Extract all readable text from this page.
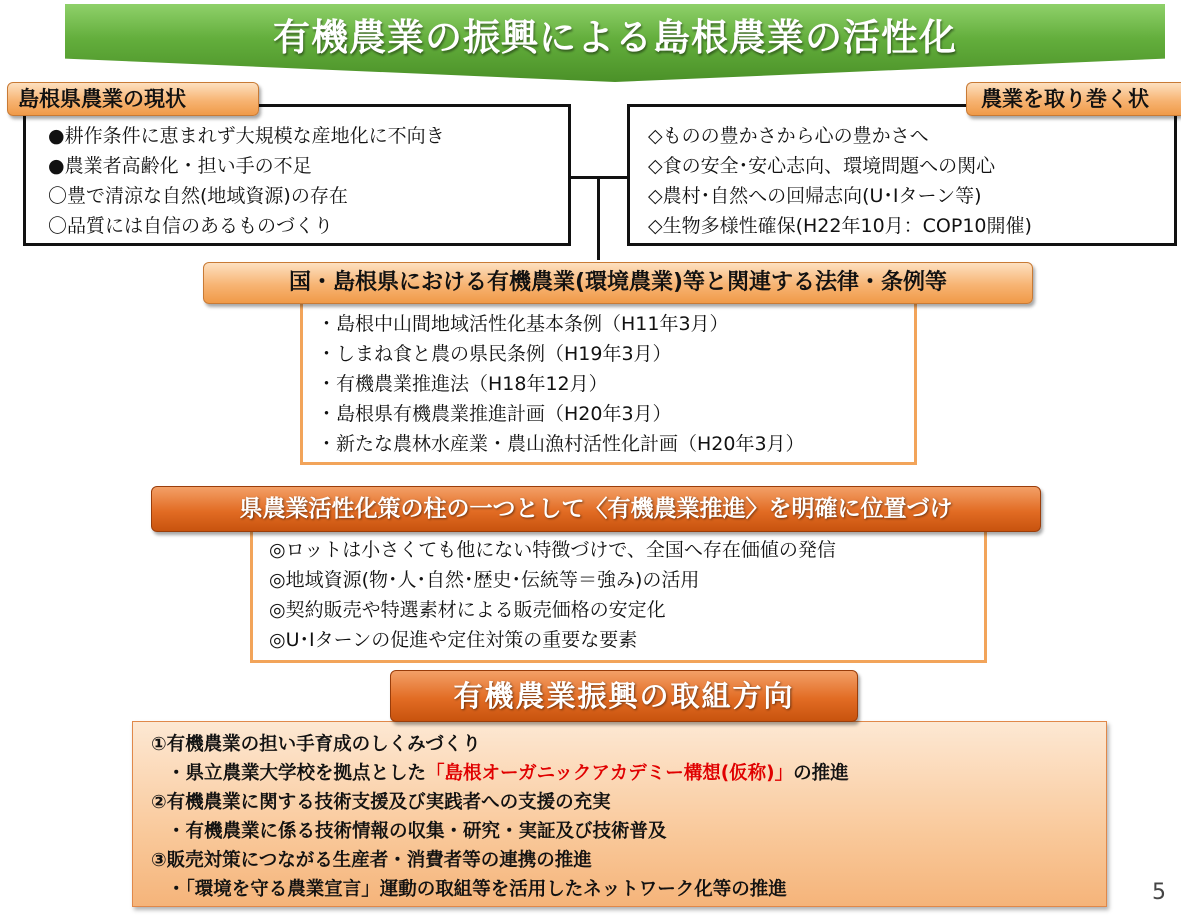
有機農業の振興による島根農業の活性化
●耕作条件に恵まれず大規模な産地化に不向き
●農業者高齢化・担い手の不足
〇豊で清涼な自然(地域資源)の存在
〇品質には自信のあるものづくり
島根県農業の現状
◇ものの豊かさから心の豊かさへ
◇食の安全･安心志向、環境問題への関心
◇農村･自然への回帰志向(U･Iターン等)
◇生物多様性確保(H22年10月：COP10開催)
農業を取り巻く状
・島根中山間地域活性化基本条例（H11年3月）
・しまね食と農の県民条例（H19年3月）
・有機農業推進法（H18年12月）
・島根県有機農業推進計画（H20年3月）
・新たな農林水産業・農山漁村活性化計画（H20年3月）
国・島根県における有機農業(環境農業)等と関連する法律・条例等
◎ロットは小さくても他にない特徴づけで、全国へ存在価値の発信
◎地域資源(物･人･自然･歴史･伝統等＝強み)の活用
◎契約販売や特選素材による販売価格の安定化
◎U･Iターンの促進や定住対策の重要な要素
県農業活性化策の柱の一つとして〈有機農業推進〉を明確に位置づけ
①有機農業の担い手育成のしくみづくり
・県立農業大学校を拠点とした「島根オーガニックアカデミー構想(仮称)」の推進
②有機農業に関する技術支援及び実践者への支援の充実
・有機農業に係る技術情報の収集・研究・実証及び技術普及
③販売対策につながる生産者・消費者等の連携の推進
・「環境を守る農業宣言」運動の取組等を活用したネットワーク化等の推進
有機農業振興の取組方向
5
